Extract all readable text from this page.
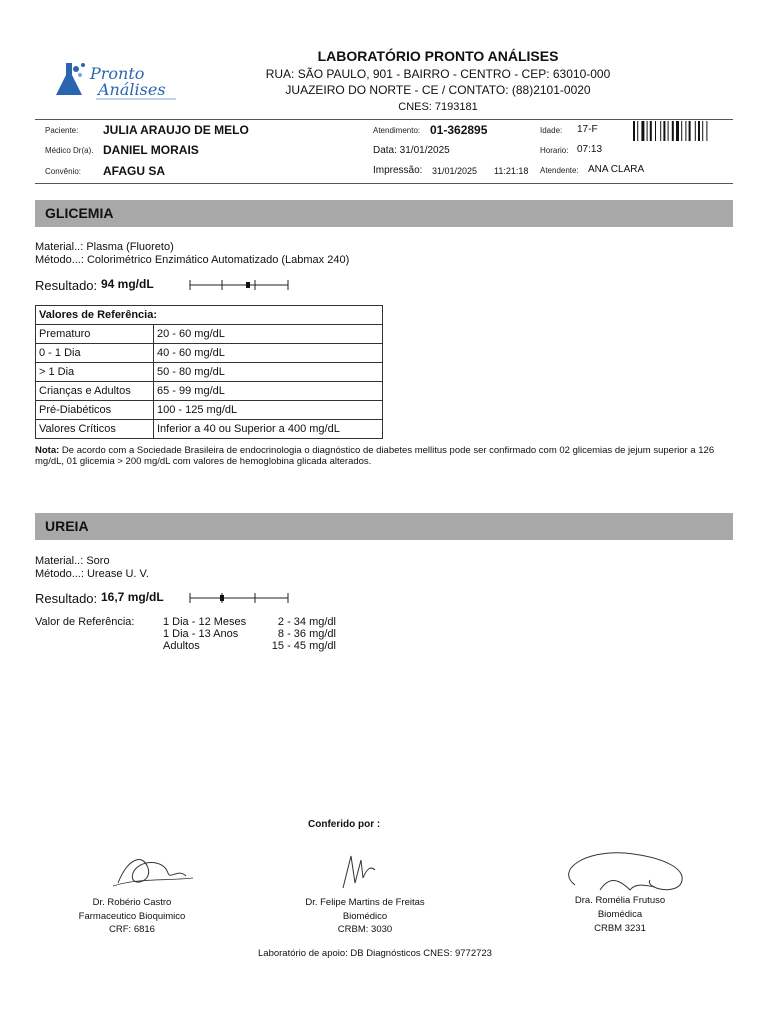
Pronto
Análises
LABORATÓRIO PRONTO ANÁLISES
RUA: SÃO PAULO, 901 - BAIRRO - CENTRO - CEP: 63010-000
JUAZEIRO DO NORTE - CE / CONTATO: (88)2101-0020
CNES: 7193181
Paciente: JULIA ARAUJO DE MELO
Médico Dr(a). DANIEL MORAIS
Convênio: AFAGU SA
Atendimento: 01-362895
Data: 31/01/2025
Impressão: 31/01/2025 11:21:18
Idade: 17-F
Horario: 07:13
Atendente: ANA CLARA
GLICEMIA
Material..: Plasma (Fluoreto)
Método...: Colorimétrico Enzimático Automatizado (Labmax 240)
Resultado: 94 mg/dL
Valores de Referência:	
Prematuro	20 - 60 mg/dL
0 - 1 Dia	40 - 60 mg/dL
> 1 Dia	50 - 80 mg/dL
Crianças e Adultos	65 - 99 mg/dL
Pré-Diabéticos	100 - 125 mg/dL
Valores Críticos	Inferior a 40 ou Superior a 400 mg/dL
Nota: De acordo com a Sociedade Brasileira de endocrinologia o diagnóstico de diabetes mellitus pode ser confirmado com 02 glicemias de jejum superior a 126 mg/dL, 01 glicemia > 200 mg/dL com valores de hemoglobina glicada alterados.
UREIA
Material..: Soro
Método...: Urease U. V.
Resultado: 16,7 mg/dL
Valor de Referência:	1 Dia - 12 Meses	2 - 34 mg/dl
1 Dia - 13 Anos	8 - 36 mg/dl
Adultos	15 - 45 mg/dl
Conferido por :
Dr. Robério Castro
Farmaceutico Bioquimico
CRF: 6816
Dr. Felipe Martins de Freitas
Biomédico
CRBM: 3030
Dra. Romélia Frutuso
Biomédica
CRBM 3231
Laboratório de apoio: DB Diagnósticos CNES: 9772723
